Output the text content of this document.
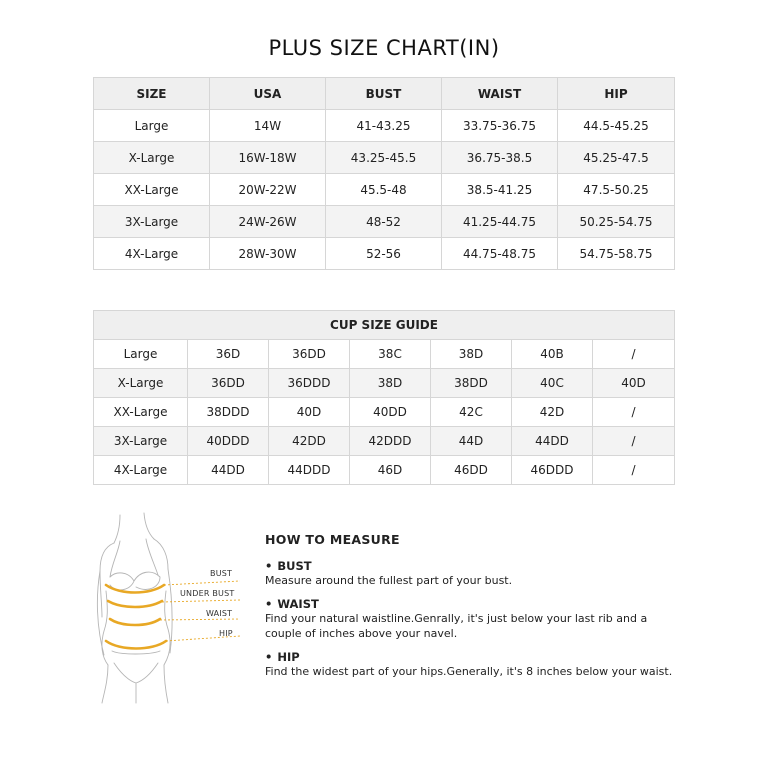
PLUS SIZE CHART(IN)
SIZE	USA	BUST	WAIST	HIP
Large	14W	41-43.25	33.75-36.75	44.5-45.25
X-Large	16W-18W	43.25-45.5	36.75-38.5	45.25-47.5
XX-Large	20W-22W	45.5-48	38.5-41.25	47.5-50.25
3X-Large	24W-26W	48-52	41.25-44.75	50.25-54.75
4X-Large	28W-30W	52-56	44.75-48.75	54.75-58.75
CUP SIZE GUIDE						
Large	36D	36DD	38C	38D	40B	/
X-Large	36DD	36DDD	38D	38DD	40C	40D
XX-Large	38DDD	40D	40DD	42C	42D	/
3X-Large	40DDD	42DD	42DDD	44D	44DD	/
4X-Large	44DD	44DDD	46D	46DD	46DDD	/
BUST
UNDER BUST
WAIST
HIP
HOW TO MEASURE
• BUST
Measure around the fullest part of your bust.
• WAIST
Find your natural waistline.Genrally, it's just below your last rib and a couple of inches above your navel.
• HIP
Find the widest part of your hips.Generally, it's 8 inches below your waist.
